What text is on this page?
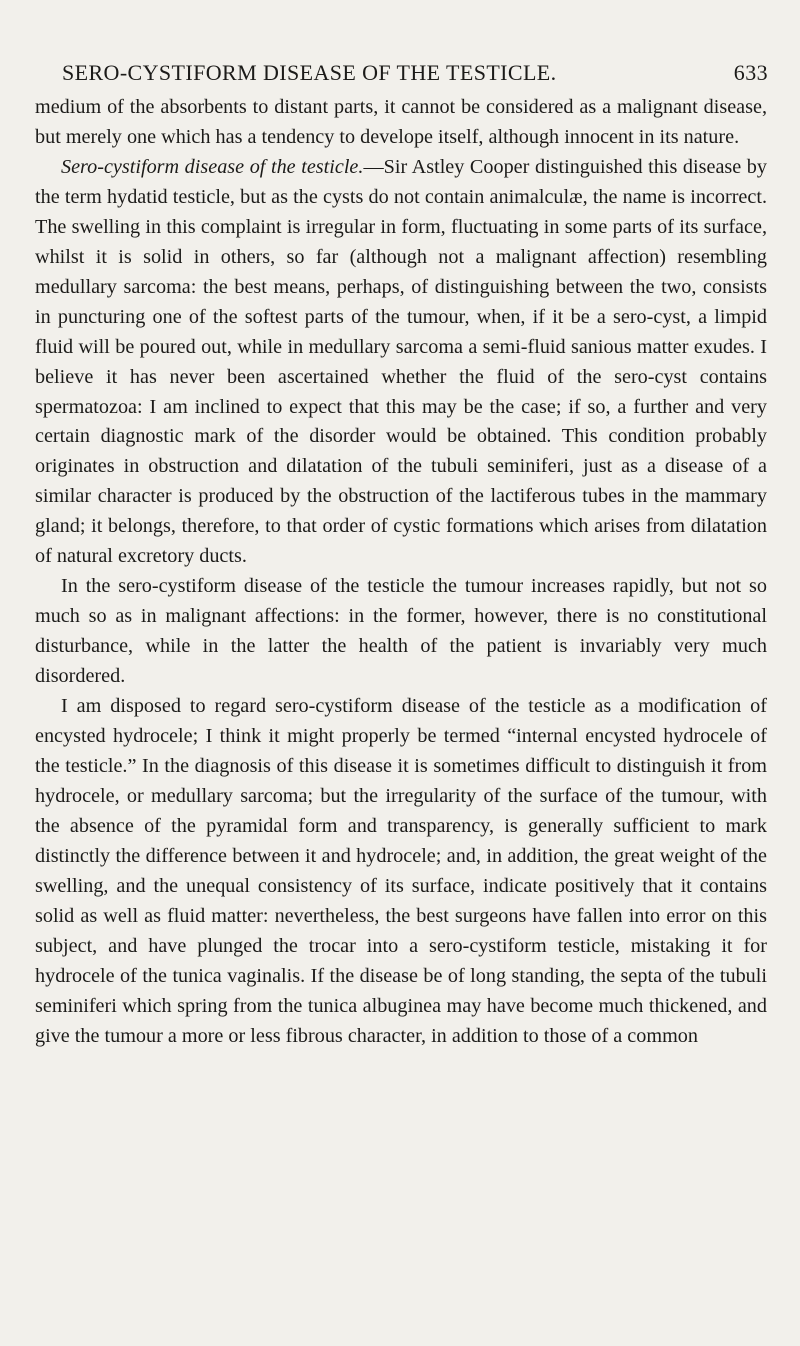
SERO-CYSTIFORM DISEASE OF THE TESTICLE.	633

medium of the absorbents to distant parts, it cannot be considered as a malignant disease, but merely one which has a tendency to develope itself, although innocent in its nature.

Sero-cystiform disease of the testicle.—Sir Astley Cooper distinguished this disease by the term hydatid testicle, but as the cysts do not contain animalculæ, the name is incorrect. The swelling in this complaint is irregular in form, fluctuating in some parts of its surface, whilst it is solid in others, so far (although not a malignant affection) resembling medullary sarcoma: the best means, perhaps, of distinguishing between the two, consists in puncturing one of the softest parts of the tumour, when, if it be a sero-cyst, a limpid fluid will be poured out, while in medullary sarcoma a semi-fluid sanious matter exudes. I believe it has never been ascertained whether the fluid of the sero-cyst contains spermatozoa: I am inclined to expect that this may be the case; if so, a further and very certain diagnostic mark of the disorder would be obtained. This condition probably originates in obstruction and dilatation of the tubuli seminiferi, just as a disease of a similar character is produced by the obstruction of the lactiferous tubes in the mammary gland; it belongs, therefore, to that order of cystic formations which arises from dilatation of natural excretory ducts.

In the sero-cystiform disease of the testicle the tumour increases rapidly, but not so much so as in malignant affections: in the former, however, there is no constitutional disturbance, while in the latter the health of the patient is invariably very much disordered.

I am disposed to regard sero-cystiform disease of the testicle as a modification of encysted hydrocele; I think it might properly be termed “internal encysted hydrocele of the testicle.” In the diagnosis of this disease it is sometimes difficult to distinguish it from hydrocele, or medullary sarcoma; but the irregularity of the surface of the tumour, with the absence of the pyramidal form and transparency, is generally sufficient to mark distinctly the difference between it and hydrocele; and, in addition, the great weight of the swelling, and the unequal consistency of its surface, indicate positively that it contains solid as well as fluid matter: nevertheless, the best surgeons have fallen into error on this subject, and have plunged the trocar into a sero-cystiform testicle, mistaking it for hydrocele of the tunica vaginalis. If the disease be of long standing, the septa of the tubuli seminiferi which spring from the tunica albuginea may have become much thickened, and give the tumour a more or less fibrous character, in addition to those of a common
